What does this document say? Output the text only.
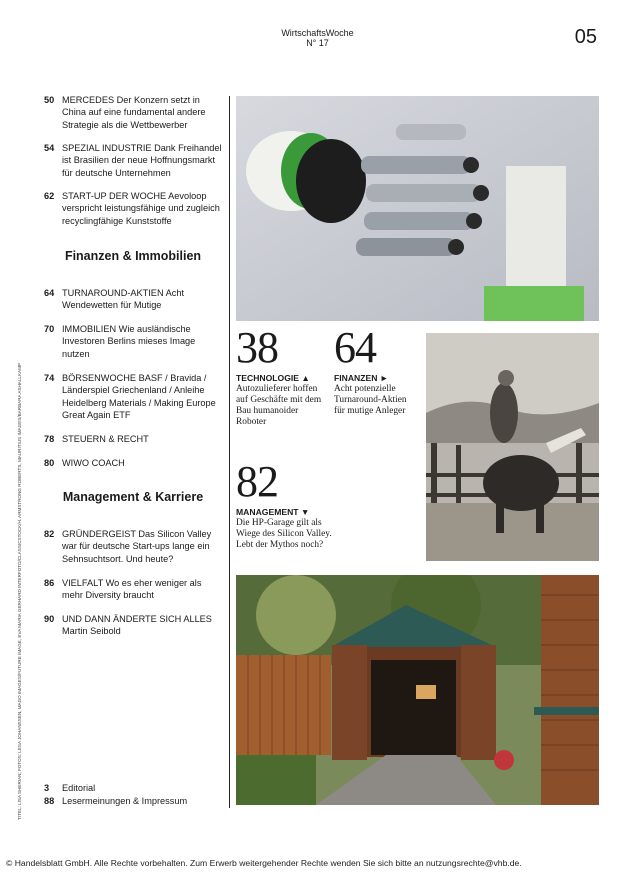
WirtschaftsWoche
N° 17	05
50 MERCEDES Der Konzern setzt in China auf eine fundamental andere Strategie als die Wettbewerber
54 SPEZIAL INDUSTRIE Dank Freihandel ist Brasilien der neue Hoffnungsmarkt für deutsche Unternehmen
62 START-UP DER WOCHE Aevoloop verspricht leistungsfähige und zugleich recyclingfähige Kunststoffe
Finanzen & Immobilien
64 TURNAROUND-AKTIEN Acht Wendewetten für Mutige
70 IMMOBILIEN Wie ausländische Investoren Berlins mieses Image nutzen
74 BÖRSENWOCHE BASF / Bravida / Länderspiel Griechenland / Anleihe Heidelberg Materials / Making Europe Great Again ETF
78 STEUERN & RECHT
80 WIWO COACH
Management & Karriere
82 GRÜNDERGEIST Das Silicon Valley war für deutsche Start-ups lange ein Sehnsuchtsort. Und heute?
86 VIELFALT Wo es eher weniger als mehr Diversity braucht
90 UND DANN ÄNDERTE SICH ALLES Martin Seibold
3	Editorial
88 Lesermeinungen & Impressum
TITEL: LISA SHERIAN; FOTOS: LESA JOHANSSEN, MAGO IMAGES/FUTURE IMAGE, EVA MARIA GERHARD INTERFOTO/CLASSICSTOCK/H. ARMSTRONG ROBERTS, MAURITIUS IMAGES/BARBARA ASHALLKAMP
38
TECHNOLOGIE ▲
Autozulieferer hoffen auf Geschäfte mit dem Bau humanoider Roboter
64
FINANZEN ►
Acht potenzielle Turnaround-Aktien für mutige Anleger
82
MANAGEMENT ▼
Die HP-Garage gilt als Wiege des Silicon Valley. Lebt der Mythos noch?
© Handelsblatt GmbH. Alle Rechte vorbehalten. Zum Erwerb weitergehender Rechte wenden Sie sich bitte an nutzungsrechte@vhb.de.
